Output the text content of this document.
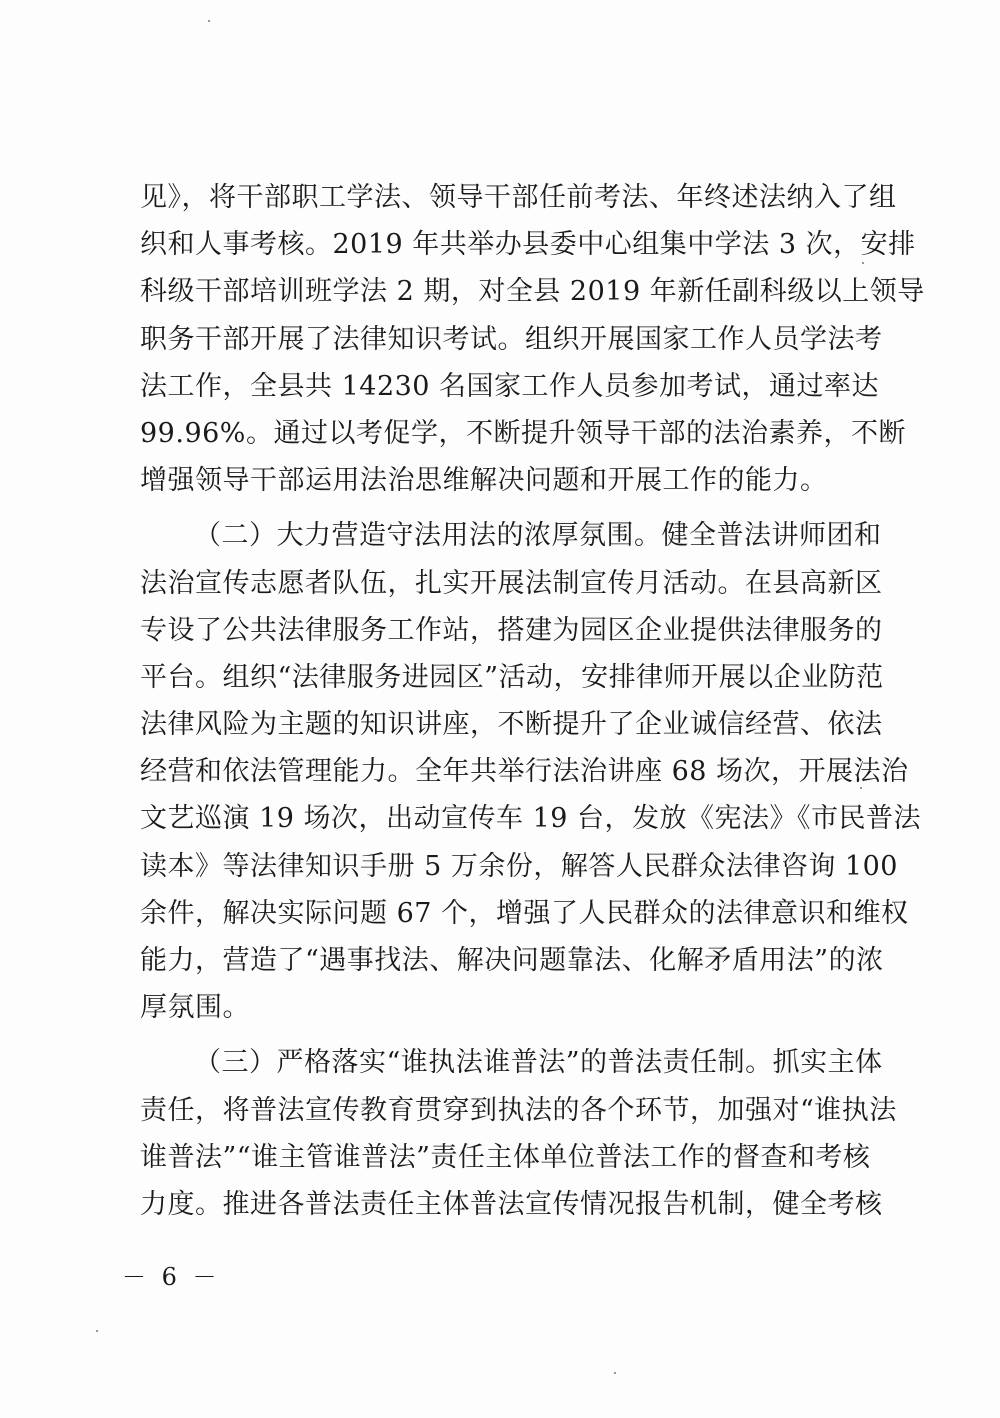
见》，将干部职工学法、领导干部任前考法、年终述法纳入了组
织和人事考核。2019 年共举办县委中心组集中学法 3 次，安排
科级干部培训班学法 2 期，对全县 2019 年新任副科级以上领导
职务干部开展了法律知识考试。组织开展国家工作人员学法考
法工作，全县共 14230 名国家工作人员参加考试，通过率达
99.96%。通过以考促学，不断提升领导干部的法治素养，不断
增强领导干部运用法治思维解决问题和开展工作的能力。
（二）大力营造守法用法的浓厚氛围。健全普法讲师团和
法治宣传志愿者队伍，扎实开展法制宣传月活动。在县高新区
专设了公共法律服务工作站，搭建为园区企业提供法律服务的
平台。组织“法律服务进园区”活动，安排律师开展以企业防范
法律风险为主题的知识讲座，不断提升了企业诚信经营、依法
经营和依法管理能力。全年共举行法治讲座 68 场次，开展法治
文艺巡演 19 场次，出动宣传车 19 台，发放《宪法》《市民普法
读本》等法律知识手册 5 万余份，解答人民群众法律咨询 100
余件，解决实际问题 67 个，增强了人民群众的法律意识和维权
能力，营造了“遇事找法、解决问题靠法、化解矛盾用法”的浓
厚氛围。
（三）严格落实“谁执法谁普法”的普法责任制。抓实主体
责任，将普法宣传教育贯穿到执法的各个环节，加强对“谁执法
谁普法”“谁主管谁普法”责任主体单位普法工作的督查和考核
力度。推进各普法责任主体普法宣传情况报告机制，健全考核
－ 6 －
